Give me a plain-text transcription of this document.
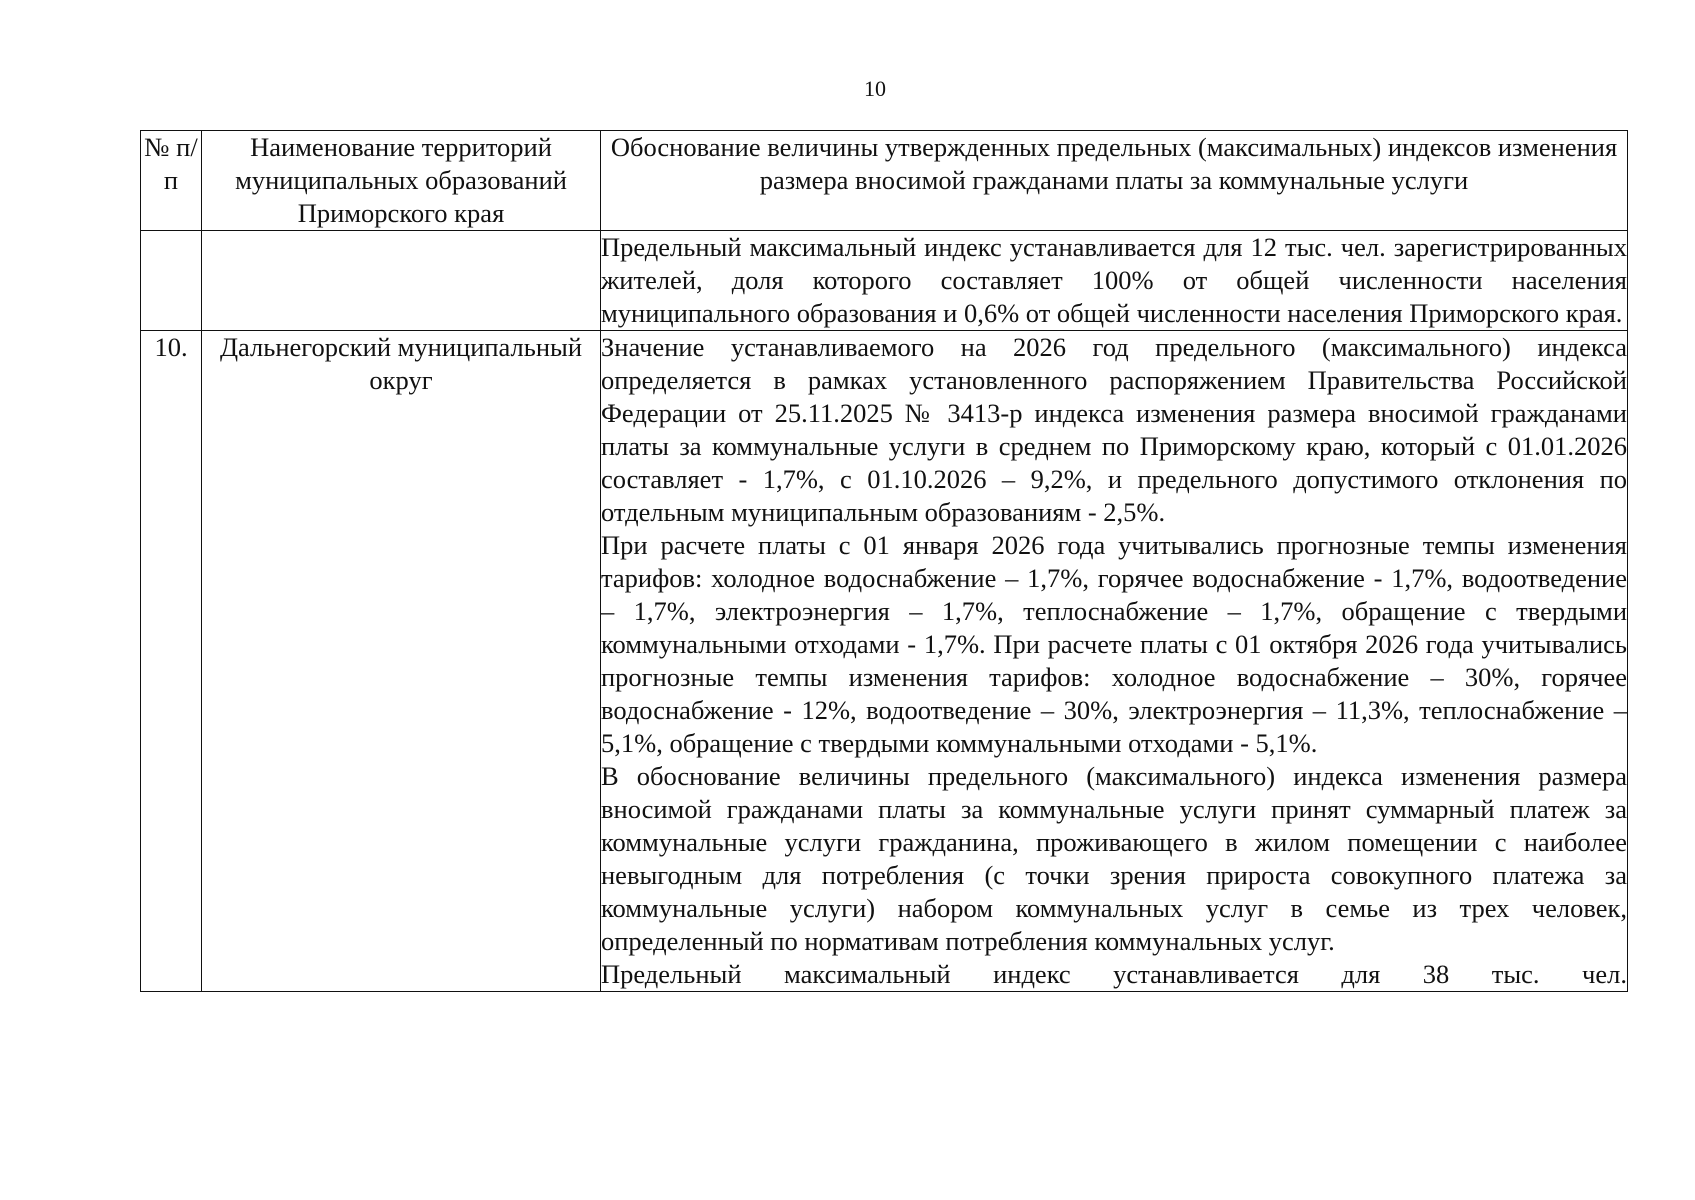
10
№ п/п	Наименование территорий муниципальных образований Приморского края	Обоснование величины утвержденных предельных (максимальных) индексов изменения размера вносимой гражданами платы за коммунальные услуги

		Предельный максимальный индекс устанавливается для 12 тыс. чел. зарегистрированных жителей, доля которого составляет 100% от общей численности населения муниципального образования и 0,6% от общей численности населения Приморского края.

10.	Дальнегорский муниципальный округ	Значение устанавливаемого на 2026 год предельного (максимального) индекса определяется в рамках установленного распоряжением Правительства Российской Федерации от 25.11.2025 № 3413-р индекса изменения размера вносимой гражданами платы за коммунальные услуги в среднем по Приморскому краю, который с 01.01.2026 составляет - 1,7%, с 01.10.2026 – 9,2%, и предельного допустимого отклонения по отдельным муниципальным образованиям - 2,5%.

При расчете платы с 01 января 2026 года учитывались прогнозные темпы изменения тарифов: холодное водоснабжение – 1,7%, горячее водоснабжение - 1,7%, водоотведение – 1,7%, электроэнергия – 1,7%, теплоснабжение – 1,7%, обращение с твердыми коммунальными отходами - 1,7%. При расчете платы с 01 октября 2026 года учитывались прогнозные темпы изменения тарифов: холодное водоснабжение – 30%, горячее водоснабжение - 12%, водоотведение – 30%, электроэнергия – 11,3%, теплоснабжение – 5,1%, обращение с твердыми коммунальными отходами - 5,1%.

В обоснование величины предельного (максимального) индекса изменения размера вносимой гражданами платы за коммунальные услуги принят суммарный платеж за коммунальные услуги гражданина, проживающего в жилом помещении с наиболее невыгодным для потребления (с точки зрения прироста совокупного платежа за коммунальные услуги) набором коммунальных услуг в семье из трех человек, определенный по нормативам потребления коммунальных услуг.

Предельный максимальный индекс устанавливается для 38 тыс. чел.
